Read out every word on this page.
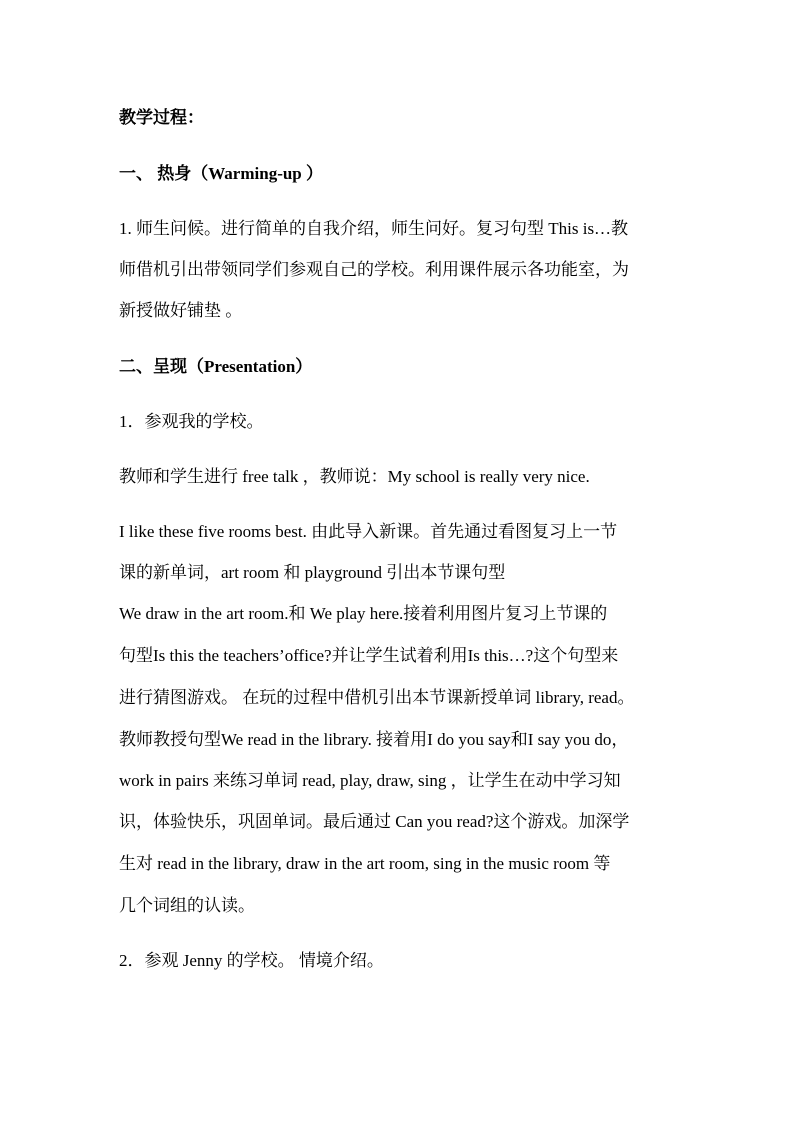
教学过程：
一、 热身（Warming-up ）
1. 师生问候。进行简单的自我介绍，师生问好。复习句型 This is…教
师借机引出带领同学们参观自己的学校。利用课件展示各功能室，为
新授做好铺垫 。
二、呈现（Presentation）
1．参观我的学校。
教师和学生进行 free talk ，教师说：My school is really very nice.
I like these five rooms best. 由此导入新课。首先通过看图复习上一节
课的新单词，art room 和 playground 引出本节课句型
We draw in the art room.和 We play here.接着利用图片复习上节课的
句型Is this the teachers’office?并让学生试着利用Is this…?这个句型来
进行猜图游戏。 在玩的过程中借机引出本节课新授单词 library, read。
教师教授句型We read in the library. 接着用I do you say和I say you do，
work in pairs 来练习单词 read, play, draw, sing ，让学生在动中学习知
识，体验快乐，巩固单词。最后通过 Can you read?这个游戏。加深学
生对 read in the library, draw in the art room, sing in the music room 等
几个词组的认读。
2．参观 Jenny 的学校。 情境介绍。
